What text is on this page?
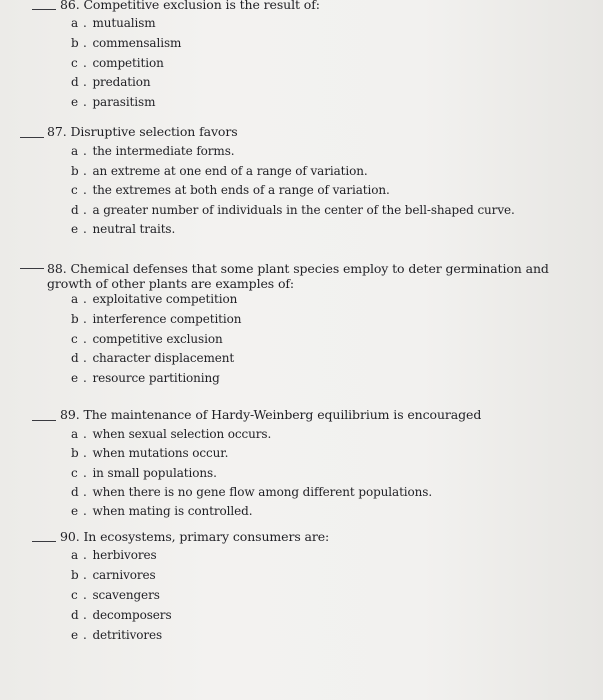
86. Competitive exclusion is the result of:
a . mutualism
b . commensalism
c . competition
d . predation
e . parasitism
87. Disruptive selection favors
a . the intermediate forms.
b . an extreme at one end of a range of variation.
c . the extremes at both ends of a range of variation.
d . a greater number of individuals in the center of the bell-shaped curve.
e . neutral traits.
88. Chemical defenses that some plant species employ to deter germination and growth of other plants are examples of:
a . exploitative competition
b . interference competition
c . competitive exclusion
d . character displacement
e . resource partitioning
89. The maintenance of Hardy-Weinberg equilibrium is encouraged
a . when sexual selection occurs.
b . when mutations occur.
c . in small populations.
d . when there is no gene flow among different populations.
e . when mating is controlled.
90. In ecosystems, primary consumers are:
a . herbivores
b . carnivores
c . scavengers
d . decomposers
e . detritivores
